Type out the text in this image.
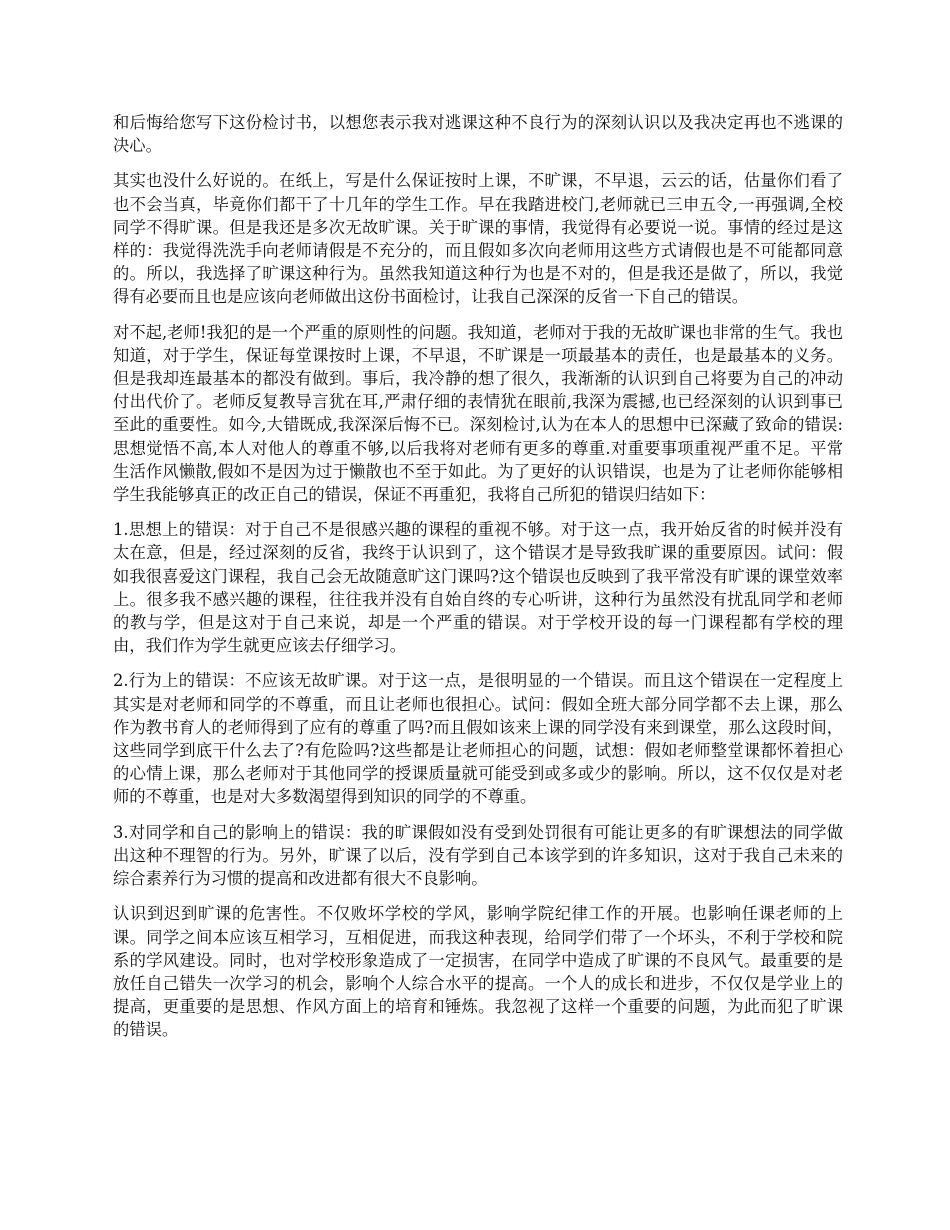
和后悔给您写下这份检讨书，以想您表示我对逃课这种不良行为的深刻认识以及我决定再也不逃课的决心。

其实也没什么好说的。在纸上，写是什么保证按时上课，不旷课，不早退，云云的话，估量你们看了也不会当真，毕竟你们都干了十几年的学生工作。早在我踏进校门,老师就已三申五令,一再强调,全校同学不得旷课。但是我还是多次无故旷课。关于旷课的事情，我觉得有必要说一说。事情的经过是这样的：我觉得洗洗手向老师请假是不充分的，而且假如多次向老师用这些方式请假也是不可能都同意的。所以，我选择了旷课这种行为。虽然我知道这种行为也是不对的，但是我还是做了，所以，我觉得有必要而且也是应该向老师做出这份书面检讨，让我自己深深的反省一下自己的错误。

对不起,老师!我犯的是一个严重的原则性的问题。我知道，老师对于我的无故旷课也非常的生气。我也知道，对于学生，保证每堂课按时上课，不早退，不旷课是一项最基本的责任，也是最基本的义务。但是我却连最基本的都没有做到。事后，我冷静的想了很久，我渐渐的认识到自己将要为自己的冲动付出代价了。老师反复教导言犹在耳,严肃仔细的表情犹在眼前,我深为震撼,也已经深刻的认识到事已至此的重要性。如今,大错既成,我深深后悔不已。深刻检讨,认为在本人的思想中已深藏了致命的错误:思想觉悟不高,本人对他人的尊重不够,以后我将对老师有更多的尊重.对重要事项重视严重不足。平常生活作风懒散,假如不是因为过于懒散也不至于如此。为了更好的认识错误，也是为了让老师你能够相学生我能够真正的改正自己的错误，保证不再重犯，我将自己所犯的错误归结如下：

1.思想上的错误：对于自己不是很感兴趣的课程的重视不够。对于这一点，我开始反省的时候并没有太在意，但是，经过深刻的反省，我终于认识到了，这个错误才是导致我旷课的重要原因。试问：假如我很喜爱这门课程，我自己会无故随意旷这门课吗?这个错误也反映到了我平常没有旷课的课堂效率上。很多我不感兴趣的课程，往往我并没有自始自终的专心听讲，这种行为虽然没有扰乱同学和老师的教与学，但是这对于自己来说，却是一个严重的错误。对于学校开设的每一门课程都有学校的理由，我们作为学生就更应该去仔细学习。

2.行为上的错误：不应该无故旷课。对于这一点，是很明显的一个错误。而且这个错误在一定程度上其实是对老师和同学的不尊重，而且让老师也很担心。试问：假如全班大部分同学都不去上课，那么作为教书育人的老师得到了应有的尊重了吗?而且假如该来上课的同学没有来到课堂，那么这段时间，这些同学到底干什么去了?有危险吗?这些都是让老师担心的问题，试想：假如老师整堂课都怀着担心的心情上课，那么老师对于其他同学的授课质量就可能受到或多或少的影响。所以，这不仅仅是对老师的不尊重，也是对大多数渴望得到知识的同学的不尊重。

3.对同学和自己的影响上的错误：我的旷课假如没有受到处罚很有可能让更多的有旷课想法的同学做出这种不理智的行为。另外，旷课了以后，没有学到自己本该学到的许多知识，这对于我自己未来的综合素养行为习惯的提高和改进都有很大不良影响。

认识到迟到旷课的危害性。不仅败坏学校的学风，影响学院纪律工作的开展。也影响任课老师的上课。同学之间本应该互相学习，互相促进，而我这种表现，给同学们带了一个坏头，不利于学校和院系的学风建设。同时，也对学校形象造成了一定损害，在同学中造成了旷课的不良风气。最重要的是放任自己错失一次学习的机会，影响个人综合水平的提高。一个人的成长和进步，不仅仅是学业上的提高，更重要的是思想、作风方面上的培育和锤炼。我忽视了这样一个重要的问题，为此而犯了旷课的错误。
